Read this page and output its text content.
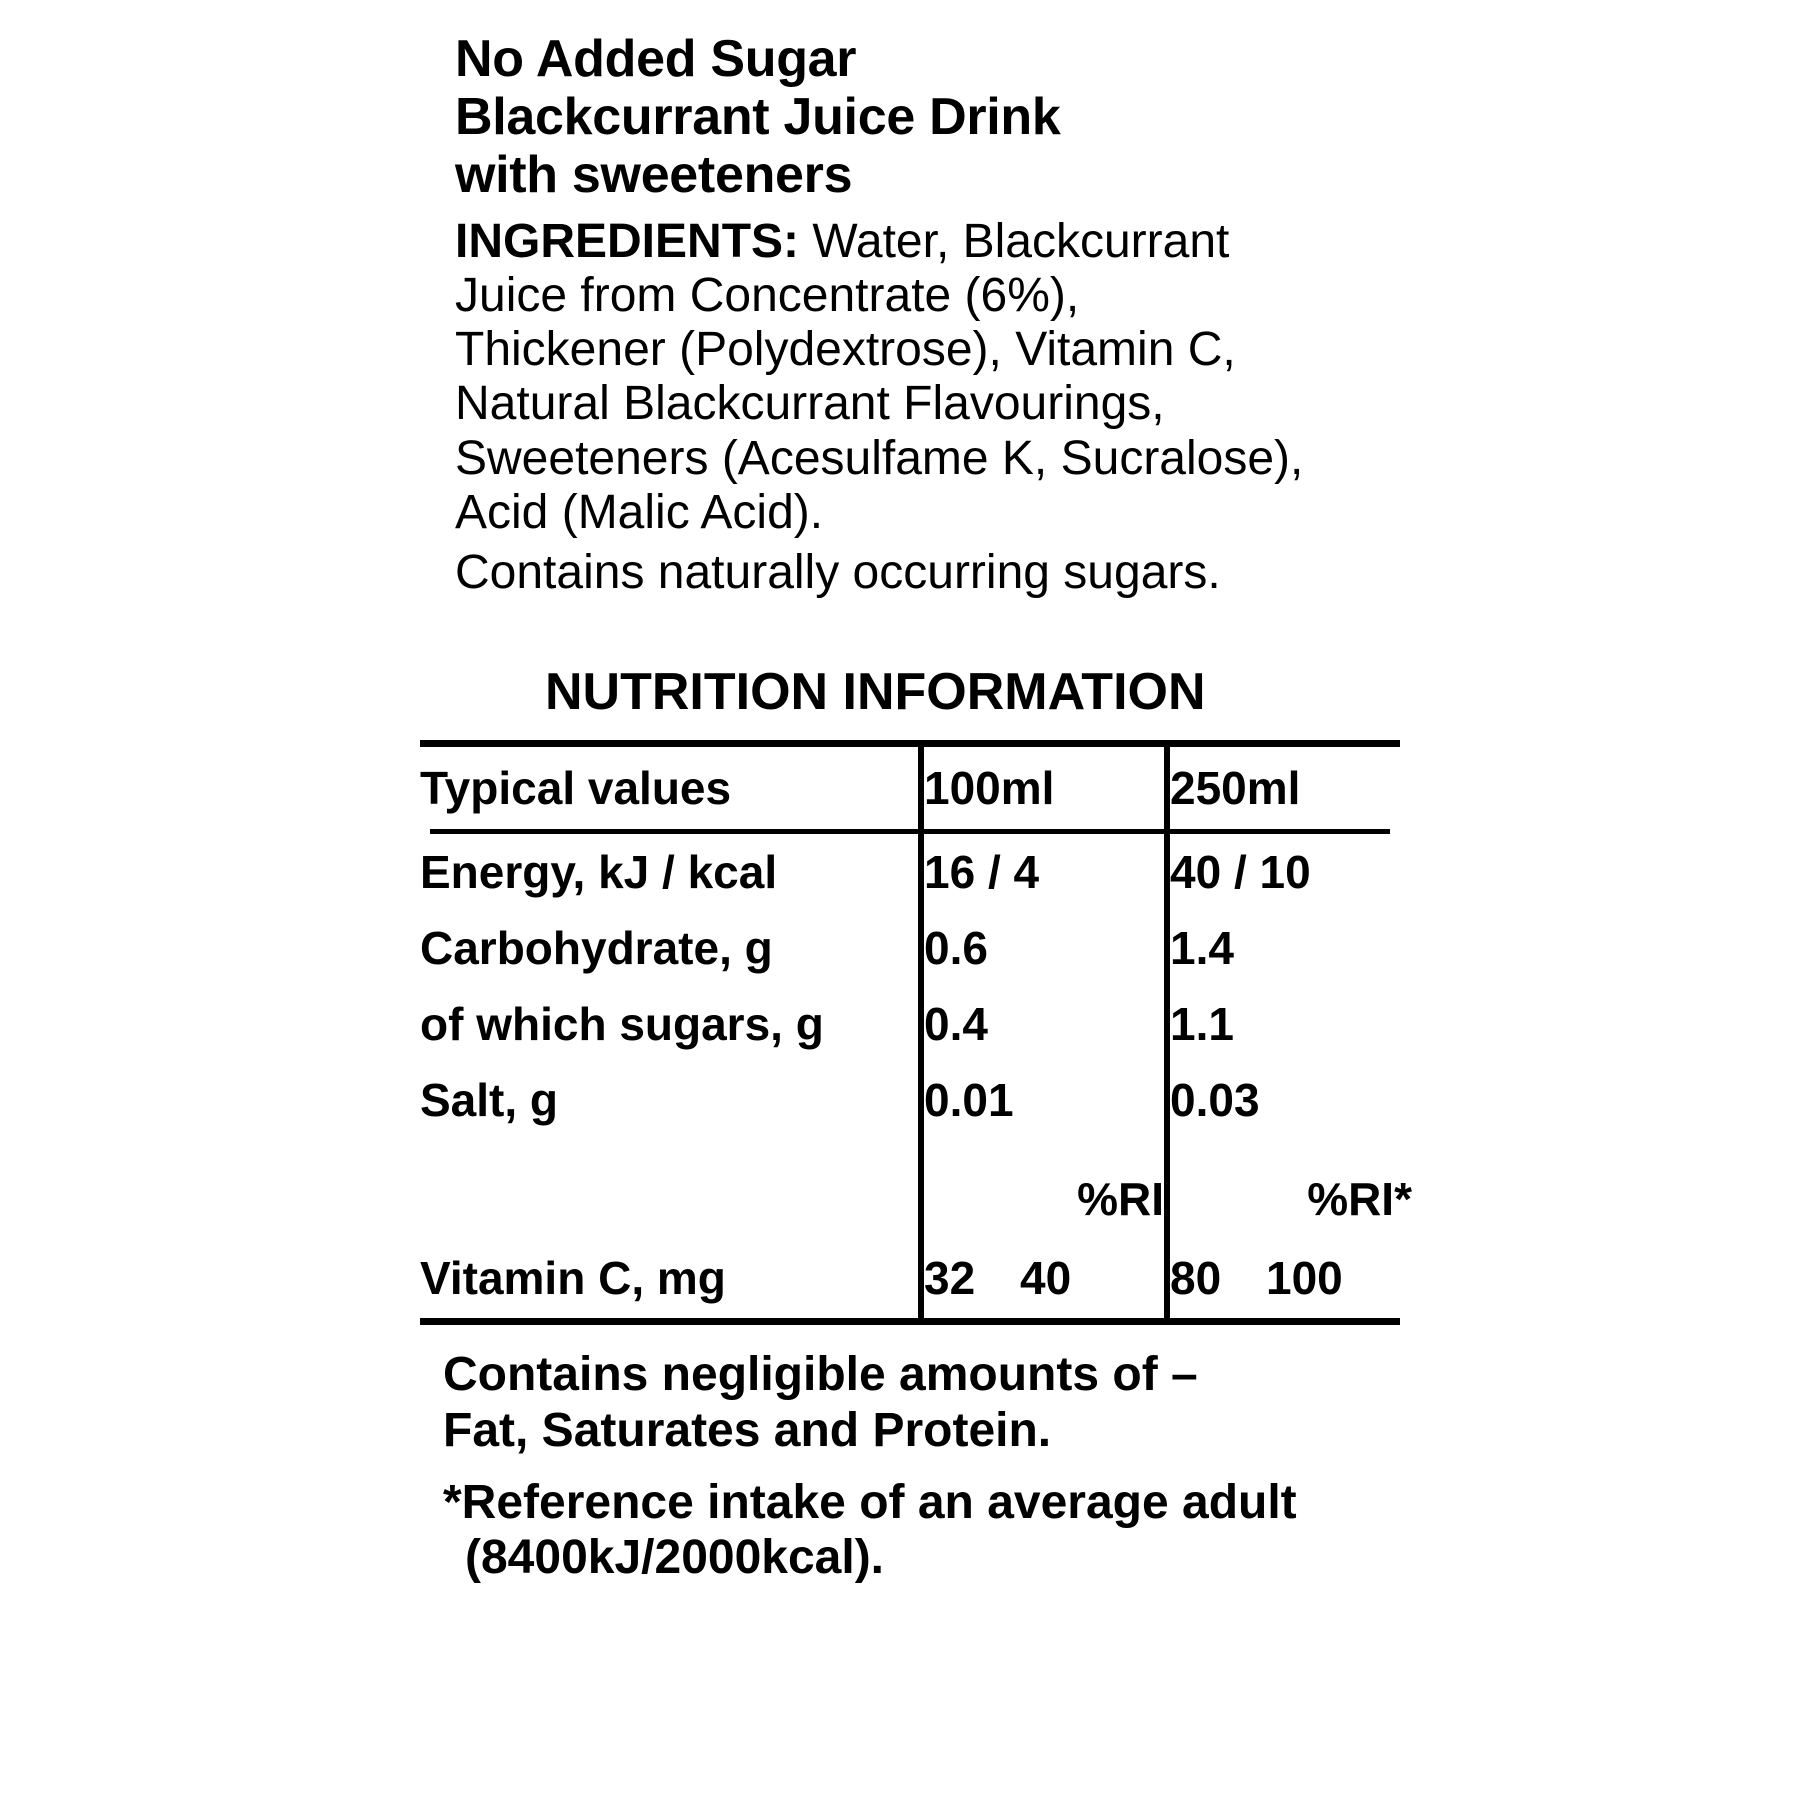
No Added Sugar
Blackcurrant Juice Drink
with sweeteners
INGREDIENTS: Water, Blackcurrant
Juice from Concentrate (6%),
Thickener (Polydextrose), Vitamin C,
Natural Blackcurrant Flavourings,
Sweeteners (Acesulfame K, Sucralose),
Acid (Malic Acid).
Contains naturally occurring sugars.
NUTRITION INFORMATION
Typical values	100ml	250ml
Energy, kJ / kcal	16 / 4	40 / 10
Carbohydrate, g	0.6	1.4
of which sugars, g	0.4	1.1
Salt, g	0.01	0.03

	%RI	%RI*
Vitamin C, mg	32 40	80 100
Contains negligible amounts of –
Fat, Saturates and Protein.
*Reference intake of an average adult
(8400kJ/2000kcal).
